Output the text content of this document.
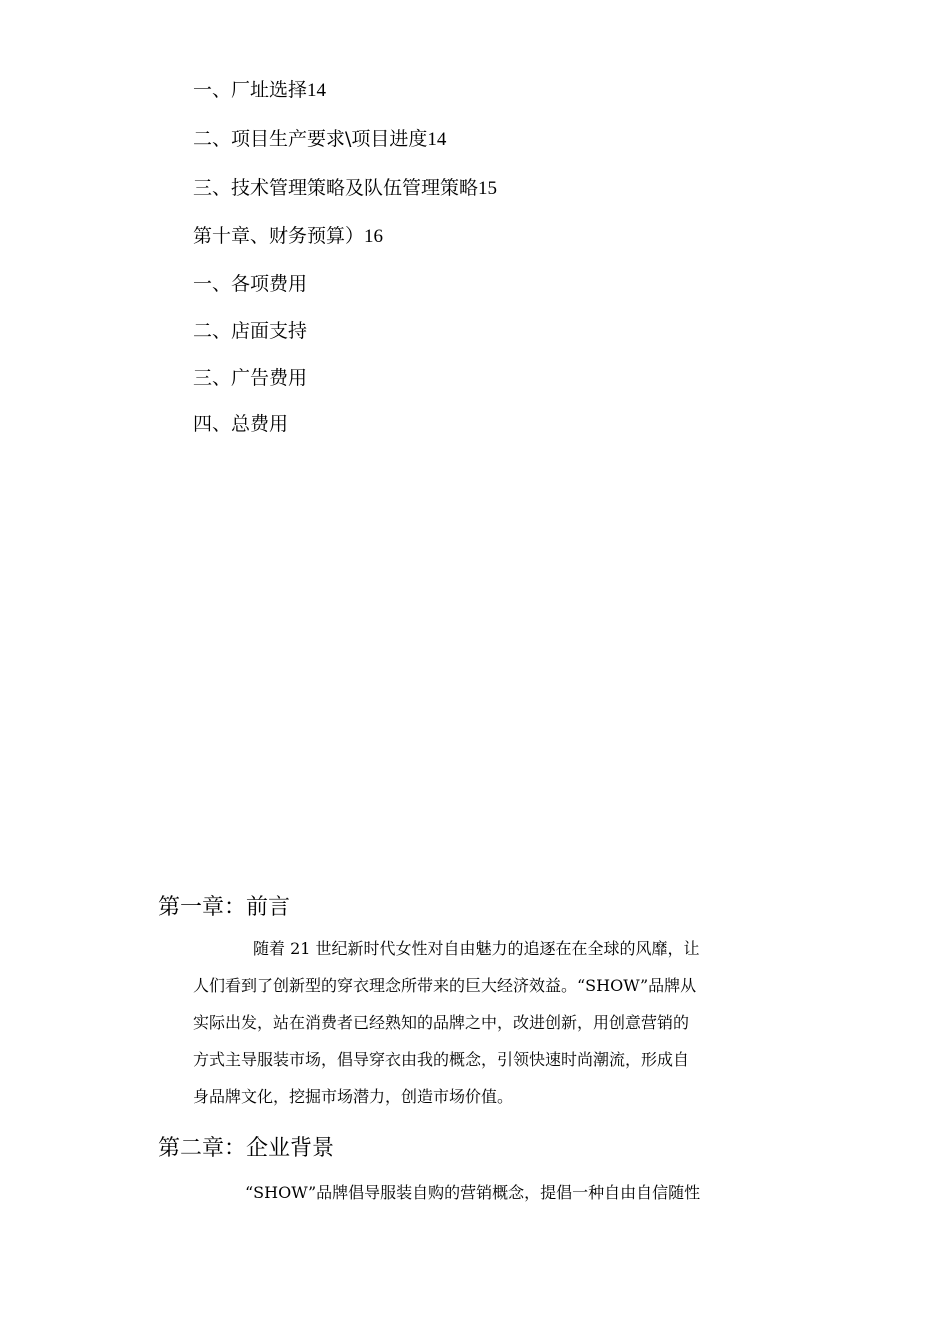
一、厂址选择14
二、项目生产要求\项目进度14
三、技术管理策略及队伍管理策略15
第十章、财务预算）16
一、各项费用
二、店面支持
三、广告费用
四、总费用
第一章：前言
随着 21 世纪新时代女性对自由魅力的追逐在在全球的风靡，让
人们看到了创新型的穿衣理念所带来的巨大经济效益。“SHOW”品牌从
实际出发，站在消费者已经熟知的品牌之中，改进创新，用创意营销的
方式主导服装市场，倡导穿衣由我的概念，引领快速时尚潮流，形成自
身品牌文化，挖掘市场潜力，创造市场价值。
第二章：企业背景
“SHOW”品牌倡导服装自购的营销概念，提倡一种自由自信随性
